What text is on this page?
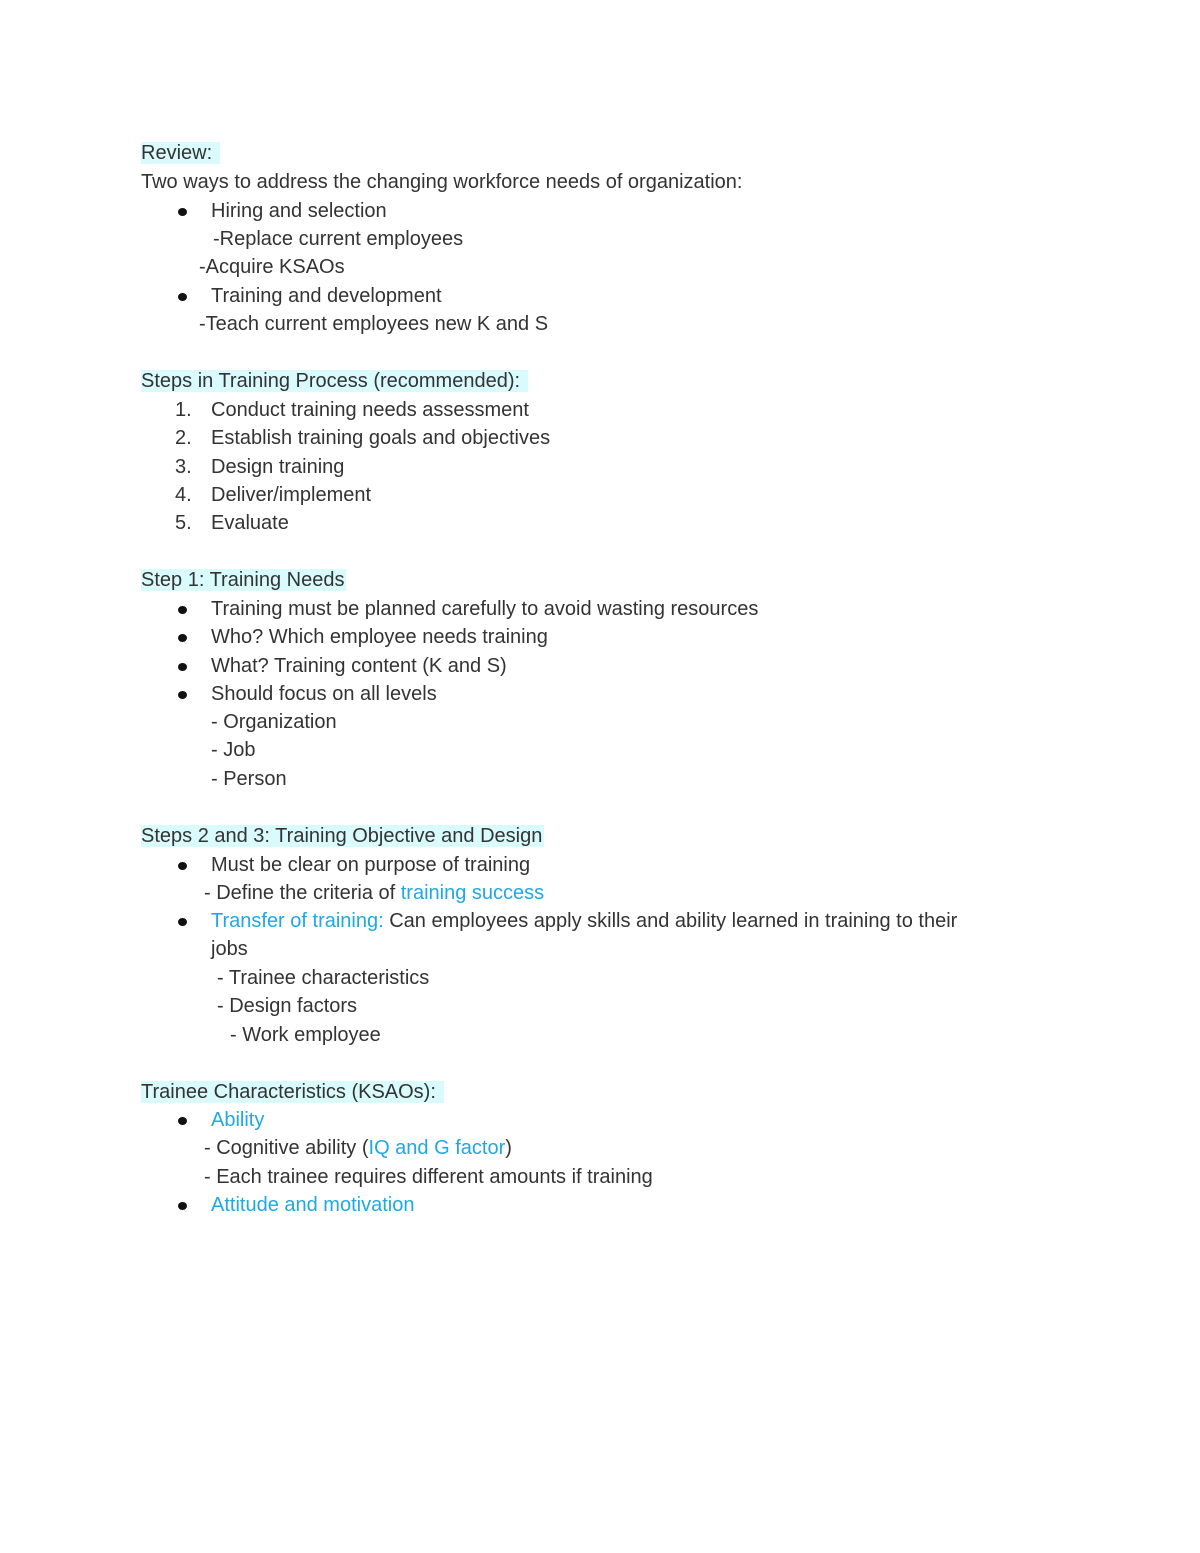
Review:
Two ways to address the changing workforce needs of organization:
Hiring and selection
-Replace current employees
-Acquire KSAOs
Training and development
-Teach current employees new K and S
Steps in Training Process (recommended):
1. Conduct training needs assessment
2. Establish training goals and objectives
3. Design training
4. Deliver/implement
5. Evaluate
Step 1: Training Needs
Training must be planned carefully to avoid wasting resources
Who? Which employee needs training
What? Training content (K and S)
Should focus on all levels
- Organization
- Job
- Person
Steps 2 and 3: Training Objective and Design
Must be clear on purpose of training
- Define the criteria of training success
Transfer of training: Can employees apply skills and ability learned in training to their
jobs
- Trainee characteristics
- Design factors
- Work employee
Trainee Characteristics (KSAOs):
Ability
- Cognitive ability (IQ and G factor)
- Each trainee requires different amounts if training
Attitude and motivation
